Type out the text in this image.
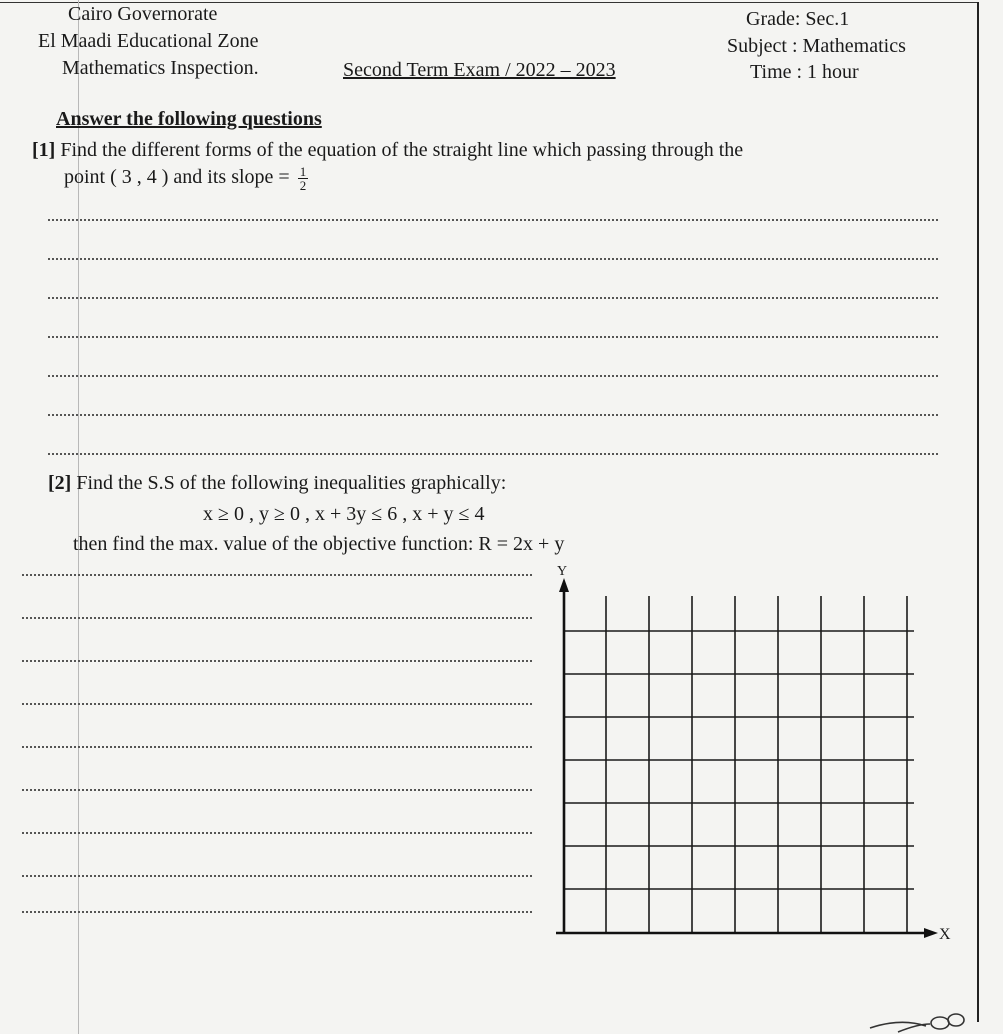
Cairo Governorate
El Maadi Educational Zone
Mathematics Inspection.	Second Term Exam / 2022 – 2023
Grade: Sec.1
Subject : Mathematics
Time : 1 hour
Answer the following questions
[1] Find the different forms of the equation of the straight line which passing through the
point ( 3 , 4 ) and its slope = $\frac{1}{2}$
[2] Find the S.S of the following inequalities graphically:
x ≥ 0 , y ≥ 0 , x + 3y ≤ 6 , x + y ≤ 4
then find the max. value of the objective function: R = 2x + y
Y
X
